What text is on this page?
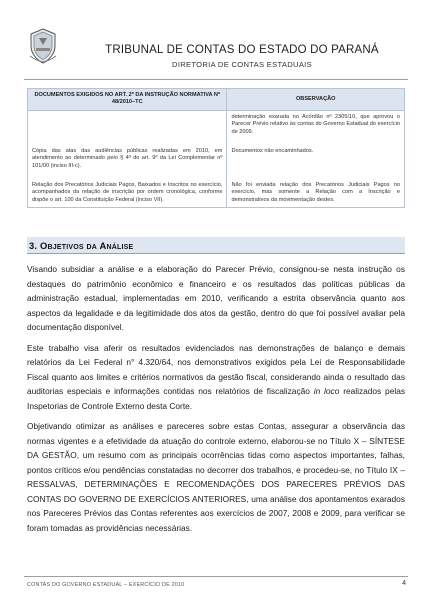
TRIBUNAL DE CONTAS DO ESTADO DO PARANÁ
DIRETORIA DE CONTAS ESTADUAIS
DOCUMENTOS EXIGIDOS NO ART. 2º DA INSTRUÇÃO NORMATIVA Nº 48/2010–TC	OBSERVAÇÃO
	determinação exarada no Acórdão nº 2305/10, que aprovou o Parecer Prévio relativo às contas do Governo Estadual do exercício de 2009.

Cópia das atas das audiências públicas realizadas em 2010, em atendimento ao determinado pelo § 4º do art. 9º da Lei Complementar nº 101/00 (inciso III-c).	Documentos não encaminhados.

Relação dos Precatórios Judiciais Pagos, Baixados e Inscritos no exercício, acompanhados da relação de inscrição por ordem cronológica, conforme dispõe o art. 100 da Constituição Federal (inciso VII).	Não foi enviada relação dos Precatórios Judiciais Pagos no exercício, mas somente a Relação com a Inscrição e demonstrativos da movimentação destes.
3. Objetivos da Análise

Visando subsidiar a análise e a elaboração do Parecer Prévio, consignou-se nesta instrução os destaques do patrimônio econômico e financeiro e os resultados das políticas públicas da administração estadual, implementadas em 2010, verificando a estrita observância quanto aos aspectos da legalidade e da legitimidade dos atos da gestão, dentro do que foi possível avaliar pela documentação disponível.

Este trabalho visa aferir os resultados evidenciados nas demonstrações de balanço e demais relatórios da Lei Federal n° 4.320/64, nos demonstrativos exigidos pela Lei de Responsabilidade Fiscal quanto aos limites e critérios normativos da gestão fiscal, considerando ainda o resultado das auditorias especiais e informações contidas nos relatórios de fiscalização in loco realizados pelas Inspetorias de Controle Externo desta Corte.

Objetivando otimizar as análises e pareceres sobre estas Contas, assegurar a observância das normas vigentes e a efetividade da atuação do controle externo, elaborou-se no Título X – SÍNTESE DA GESTÃO, um resumo com as principais ocorrências tidas como aspectos importantes, falhas, pontos críticos e/ou pendências constatadas no decorrer dos trabalhos, e procedeu-se, no Título IX – RESSALVAS, DETERMINAÇÕES E RECOMENDAÇÕES DOS PARECERES PRÉVIOS DAS CONTAS DO GOVERNO DE EXERCÍCIOS ANTERIORES, uma análise dos apontamentos exarados nos Pareceres Prévios das Contas referentes aos exercícios de 2007, 2008 e 2009, para verificar se foram tomadas as providências necessárias.

CONTAS DO GOVERNO ESTADUAL – EXERCÍCIO DE 2010	4
